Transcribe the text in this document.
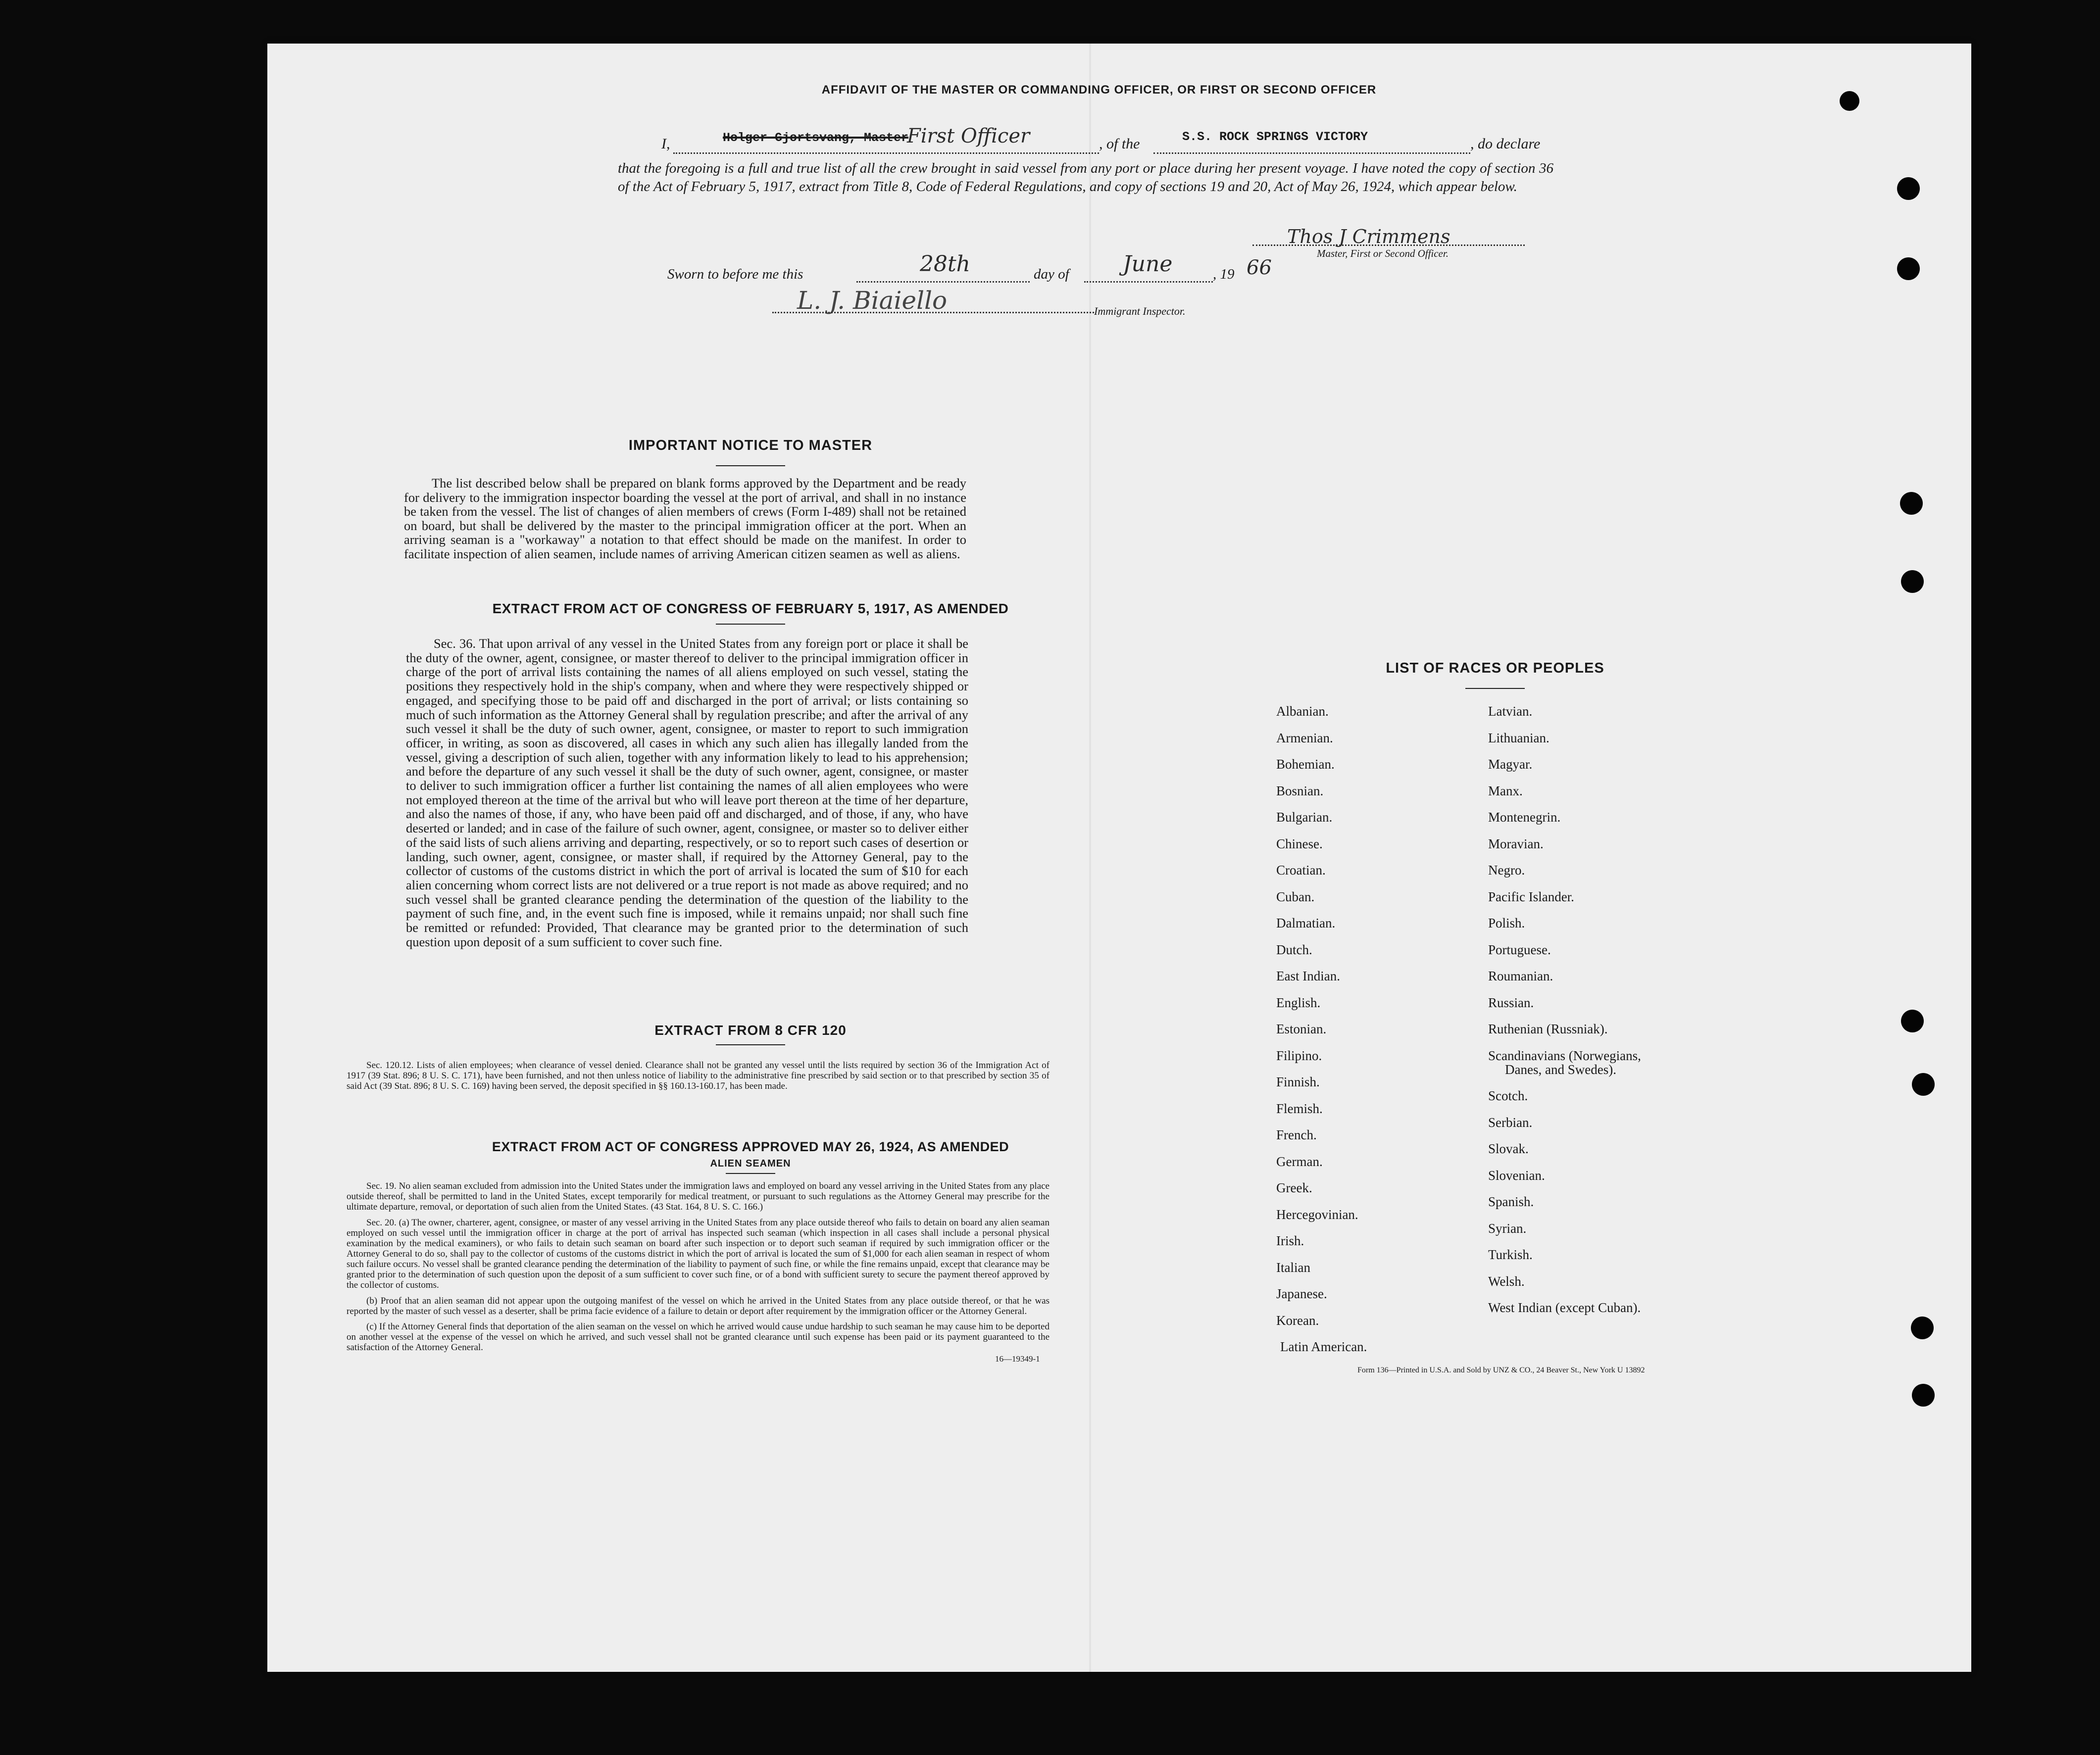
AFFIDAVIT OF THE MASTER OR COMMANDING OFFICER, OR FIRST OR SECOND OFFICER
I,	Holger Gjortsvang, Master
First Officer	, of the	S.S. ROCK SPRINGS VICTORY	, do declare
that the foregoing is a full and true list of all the crew brought in said vessel from any port or place during her present voyage. I have noted the copy of section 36 of the Act of February 5, 1917, extract from Title 8, Code of Federal Regulations, and copy of sections 19 and 20, Act of May 26, 1924, which appear below.
Thos J Crimmens
Master, First or Second Officer.
Sworn to before me this	28th	day of June	, 19 66
L. J. Biaiello	Immigrant Inspector.
IMPORTANT NOTICE TO MASTER
The list described below shall be prepared on blank forms approved by the Department and be ready for delivery to the immigration inspector boarding the vessel at the port of arrival, and shall in no instance be taken from the vessel. The list of changes of alien members of crews (Form I-489) shall not be retained on board, but shall be delivered by the master to the principal immigration officer at the port. When an arriving seaman is a "workaway" a notation to that effect should be made on the manifest. In order to facilitate inspection of alien seamen, include names of arriving American citizen seamen as well as aliens.
EXTRACT FROM ACT OF CONGRESS OF FEBRUARY 5, 1917, AS AMENDED
Sec. 36. That upon arrival of any vessel in the United States from any foreign port or place it shall be the duty of the owner, agent, consignee, or master thereof to deliver to the principal immigration officer in charge of the port of arrival lists containing the names of all aliens employed on such vessel, stating the positions they respectively hold in the ship's company, when and where they were respectively shipped or engaged, and specifying those to be paid off and discharged in the port of arrival; or lists containing so much of such information as the Attorney General shall by regulation prescribe; and after the arrival of any such vessel it shall be the duty of such owner, agent, consignee, or master to report to such immigration officer, in writing, as soon as discovered, all cases in which any such alien has illegally landed from the vessel, giving a description of such alien, together with any information likely to lead to his apprehension; and before the departure of any such vessel it shall be the duty of such owner, agent, consignee, or master to deliver to such immigration officer a further list containing the names of all alien employees who were not employed thereon at the time of the arrival but who will leave port thereon at the time of her departure, and also the names of those, if any, who have been paid off and discharged, and of those, if any, who have deserted or landed; and in case of the failure of such owner, agent, consignee, or master so to deliver either of the said lists of such aliens arriving and departing, respectively, or so to report such cases of desertion or landing, such owner, agent, consignee, or master shall, if required by the Attorney General, pay to the collector of customs of the customs district in which the port of arrival is located the sum of $10 for each alien concerning whom correct lists are not delivered or a true report is not made as above required; and no such vessel shall be granted clearance pending the determination of the question of the liability to the payment of such fine, and, in the event such fine is imposed, while it remains unpaid; nor shall such fine be remitted or refunded: Provided, That clearance may be granted prior to the determination of such question upon deposit of a sum sufficient to cover such fine.
EXTRACT FROM 8 CFR 120
Sec. 120.12. Lists of alien employees; when clearance of vessel denied. Clearance shall not be granted any vessel until the lists required by section 36 of the Immigration Act of 1917 (39 Stat. 896; 8 U. S. C. 171), have been furnished, and not then unless notice of liability to the administrative fine prescribed by said section or to that prescribed by section 35 of said Act (39 Stat. 896; 8 U. S. C. 169) having been served, the deposit specified in §§ 160.13-160.17, has been made.
EXTRACT FROM ACT OF CONGRESS APPROVED MAY 26, 1924, AS AMENDED
ALIEN SEAMEN
Sec. 19. No alien seaman excluded from admission into the United States under the immigration laws and employed on board any vessel arriving in the United States from any place outside thereof, shall be permitted to land in the United States, except temporarily for medical treatment, or pursuant to such regulations as the Attorney General may prescribe for the ultimate departure, removal, or deportation of such alien from the United States. (43 Stat. 164, 8 U. S. C. 166.)
Sec. 20. (a) The owner, charterer, agent, consignee, or master of any vessel arriving in the United States from any place outside thereof who fails to detain on board any alien seaman employed on such vessel until the immigration officer in charge at the port of arrival has inspected such seaman (which inspection in all cases shall include a personal physical examination by the medical examiners), or who fails to detain such seaman on board after such inspection or to deport such seaman if required by such immigration officer or the Attorney General to do so, shall pay to the collector of customs of the customs district in which the port of arrival is located the sum of $1,000 for each alien seaman in respect of whom such failure occurs. No vessel shall be granted clearance pending the determination of the liability to payment of such fine, or while the fine remains unpaid, except that clearance may be granted prior to the determination of such question upon the deposit of a sum sufficient to cover such fine, or of a bond with sufficient surety to secure the payment thereof approved by the collector of customs.
(b) Proof that an alien seaman did not appear upon the outgoing manifest of the vessel on which he arrived in the United States from any place outside thereof, or that he was reported by the master of such vessel as a deserter, shall be prima facie evidence of a failure to detain or deport after requirement by the immigration officer or the Attorney General.
(c) If the Attorney General finds that deportation of the alien seaman on the vessel on which he arrived would cause undue hardship to such seaman he may cause him to be deported on another vessel at the expense of the vessel on which he arrived, and such vessel shall not be granted clearance until such expense has been paid or its payment guaranteed to the satisfaction of the Attorney General.
16—19349-1
LIST OF RACES OR PEOPLES
Albanian.
Armenian.
Bohemian.
Bosnian.
Bulgarian.
Chinese.
Croatian.
Cuban.
Dalmatian.
Dutch.
East Indian.
English.
Estonian.
Filipino.
Finnish.
Flemish.
French.
German.
Greek.
Hercegovinian.
Irish.
Italian
Japanese.
Korean.
Latin American.
Latvian.
Lithuanian.
Magyar.
Manx.
Montenegrin.
Moravian.
Negro.
Pacific Islander.
Polish.
Portuguese.
Roumanian.
Russian.
Ruthenian (Russniak).
Scandinavians (Norwegians,
Danes, and Swedes).
Scotch.
Serbian.
Slovak.
Slovenian.
Spanish.
Syrian.
Turkish.
Welsh.
West Indian (except Cuban).
Form 136—Printed in U.S.A. and Sold by UNZ & CO., 24 Beaver St., New York U 13892
